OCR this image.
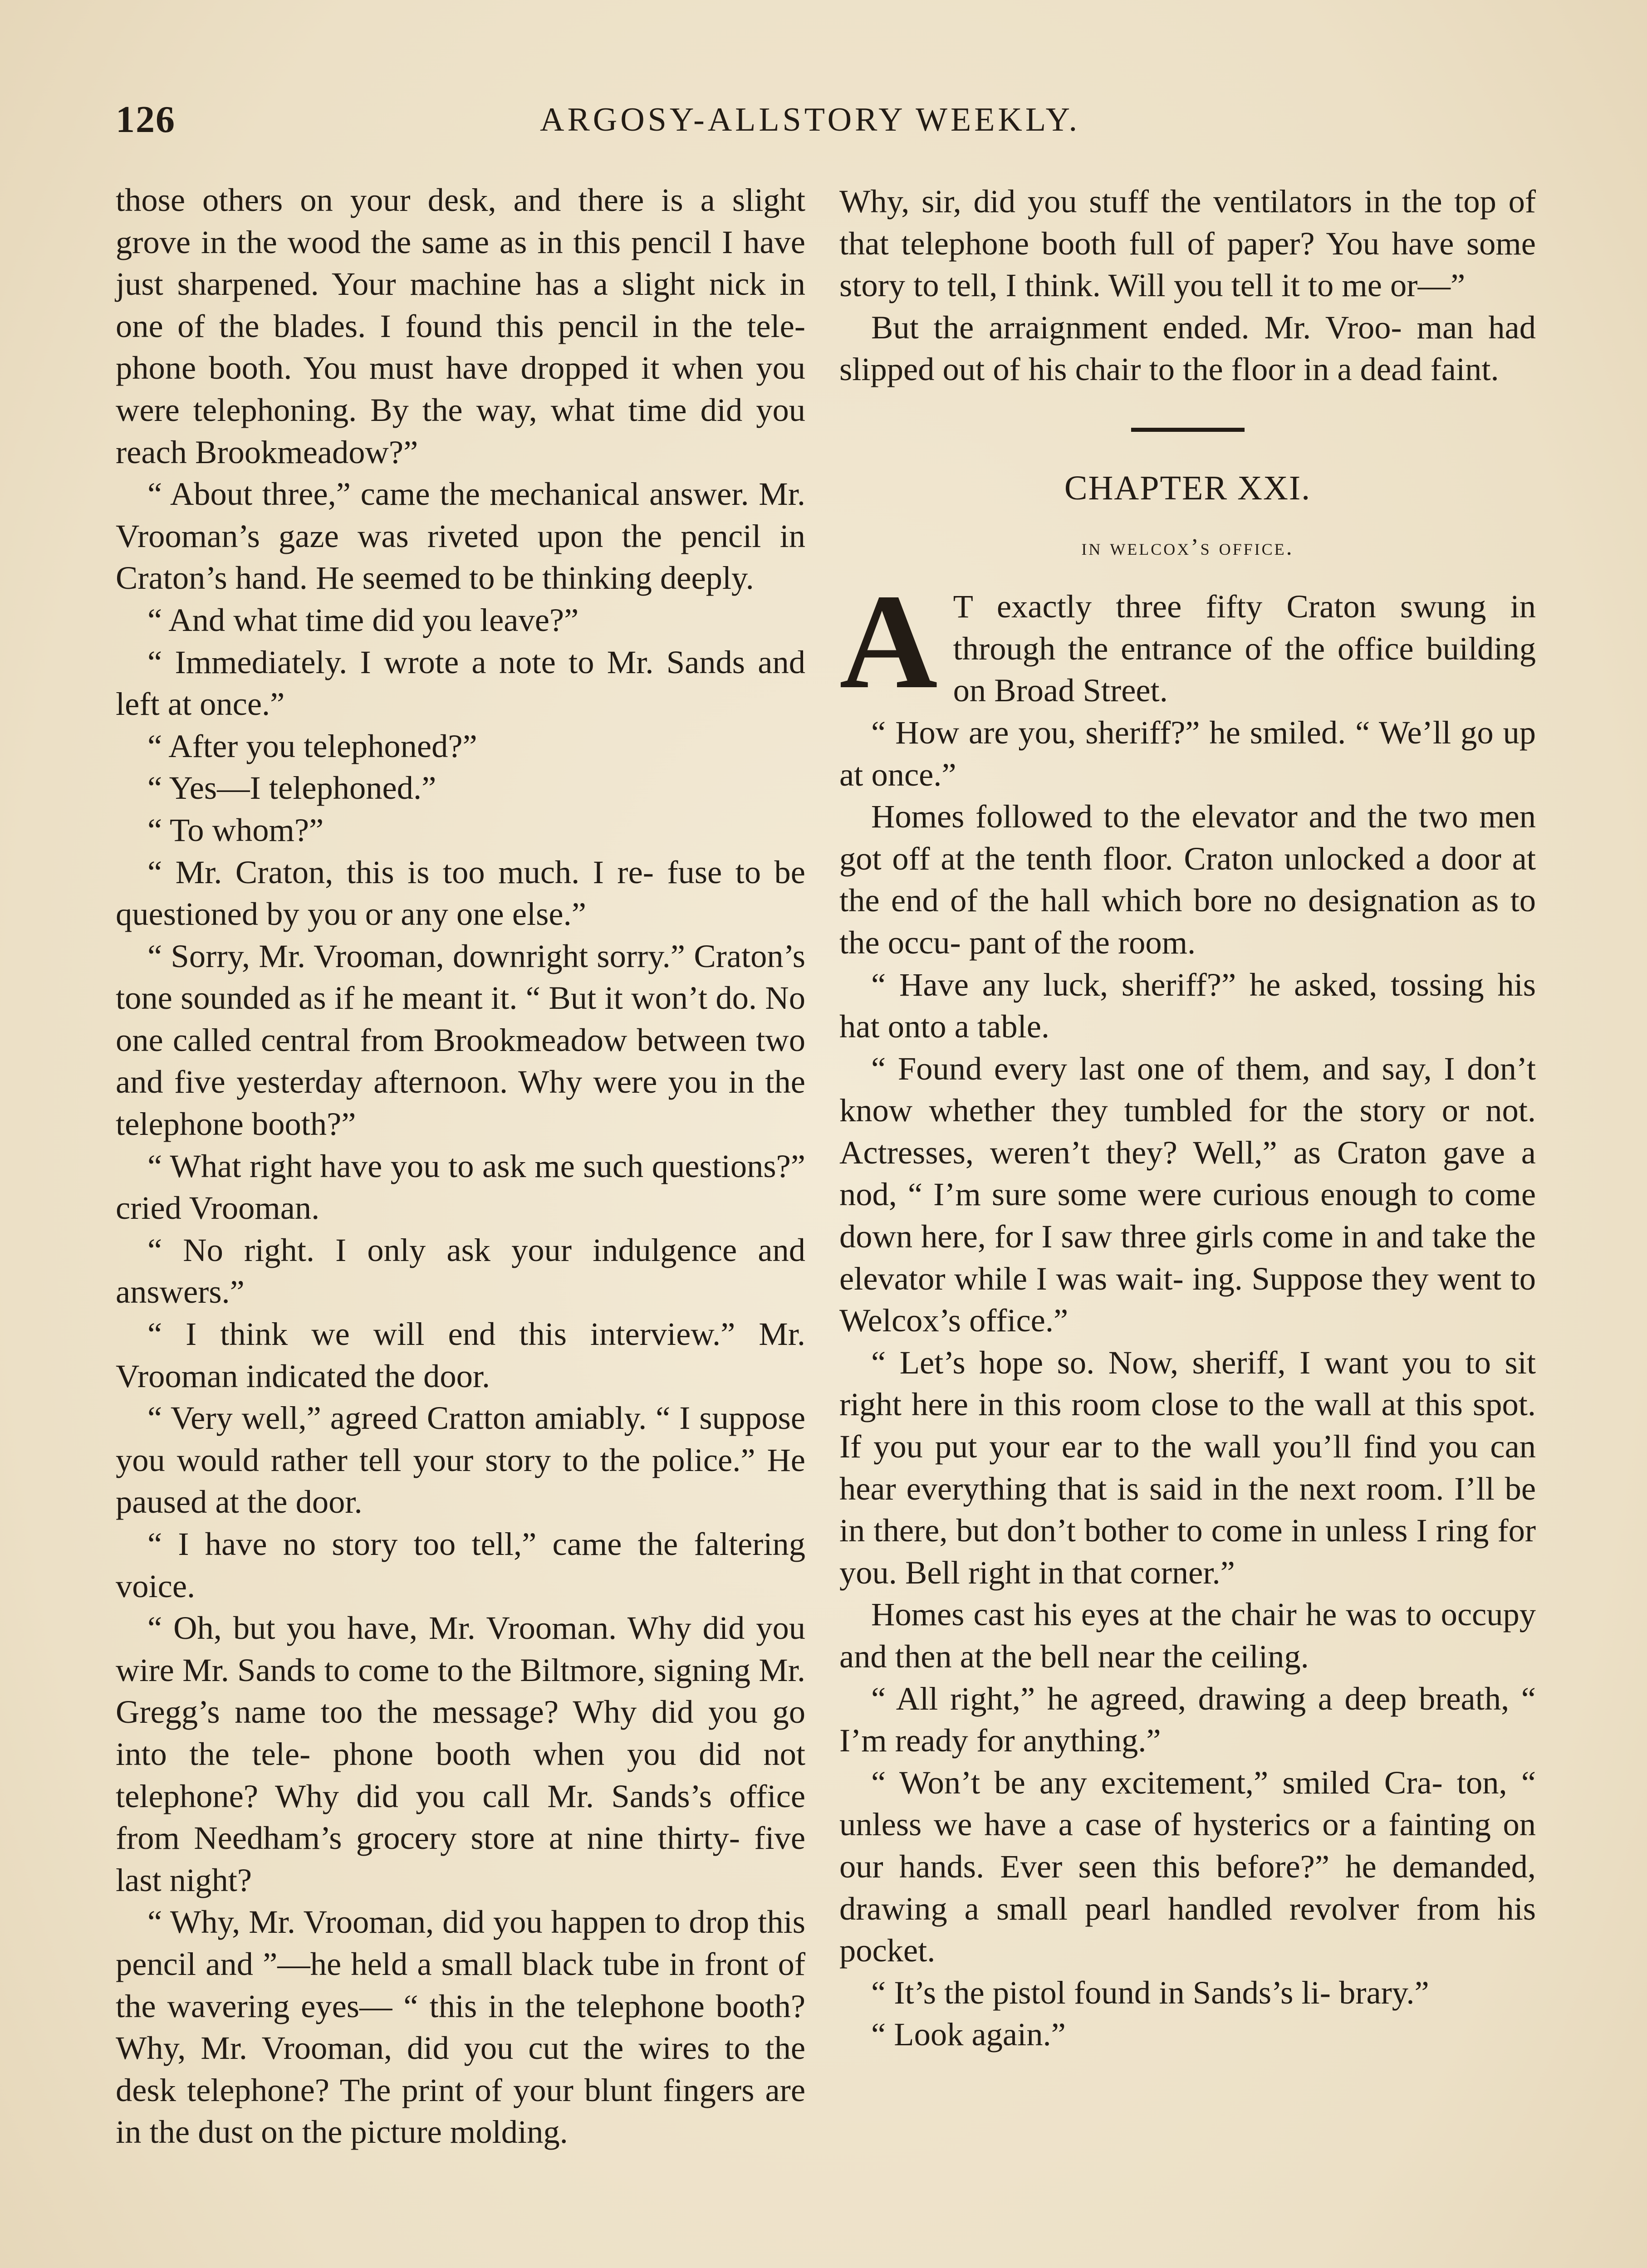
126	ARGOSY-ALLSTORY WEEKLY.

those others on your desk, and there is a slight grove in the wood the same as in this pencil I have just sharpened. Your machine has a slight nick in one of the blades. I found this pencil in the tele- phone booth. You must have dropped it when you were telephoning. By the way, what time did you reach Brookmeadow?”

“ About three,” came the mechanical answer. Mr. Vrooman’s gaze was riveted upon the pencil in Craton’s hand. He seemed to be thinking deeply.

“ And what time did you leave?”

“ Immediately. I wrote a note to Mr. Sands and left at once.”

“ After you telephoned?”

“ Yes—I telephoned.”

“ To whom?”

“ Mr. Craton, this is too much. I re- fuse to be questioned by you or any one else.”

“ Sorry, Mr. Vrooman, downright sorry.” Craton’s tone sounded as if he meant it. “ But it won’t do. No one called central from Brookmeadow between two and five yesterday afternoon. Why were you in the telephone booth?”

“ What right have you to ask me such questions?” cried Vrooman.

“ No right. I only ask your indulgence and answers.”

“ I think we will end this interview.” Mr. Vrooman indicated the door.

“ Very well,” agreed Cratton amiably. “ I suppose you would rather tell your story to the police.” He paused at the door.

“ I have no story too tell,” came the faltering voice.

“ Oh, but you have, Mr. Vrooman. Why did you wire Mr. Sands to come to the Biltmore, signing Mr. Gregg’s name too the message? Why did you go into the tele- phone booth when you did not telephone? Why did you call Mr. Sands’s office from Needham’s grocery store at nine thirty- five last night?

“ Why, Mr. Vrooman, did you happen to drop this pencil and ”—he held a small black tube in front of the wavering eyes— “ this in the telephone booth? Why, Mr. Vrooman, did you cut the wires to the desk telephone? The print of your blunt fingers are in the dust on the picture molding.

Why, sir, did you stuff the ventilators in the top of that telephone booth full of paper? You have some story to tell, I think. Will you tell it to me or—”

But the arraignment ended. Mr. Vroo- man had slipped out of his chair to the floor in a dead faint.

CHAPTER XXI.
in welcox’s office.

A T exactly three fifty Craton swung in through the entrance of the office building on Broad Street.

“ How are you, sheriff?” he smiled. “ We’ll go up at once.”

Homes followed to the elevator and the two men got off at the tenth floor. Craton unlocked a door at the end of the hall which bore no designation as to the occu- pant of the room.

“ Have any luck, sheriff?” he asked, tossing his hat onto a table.

“ Found every last one of them, and say, I don’t know whether they tumbled for the story or not. Actresses, weren’t they? Well,” as Craton gave a nod, “ I’m sure some were curious enough to come down here, for I saw three girls come in and take the elevator while I was wait- ing. Suppose they went to Welcox’s office.”

“ Let’s hope so. Now, sheriff, I want you to sit right here in this room close to the wall at this spot. If you put your ear to the wall you’ll find you can hear everything that is said in the next room. I’ll be in there, but don’t bother to come in unless I ring for you. Bell right in that corner.”

Homes cast his eyes at the chair he was to occupy and then at the bell near the ceiling.

“ All right,” he agreed, drawing a deep breath, “ I’m ready for anything.”

“ Won’t be any excitement,” smiled Cra- ton, “ unless we have a case of hysterics or a fainting on our hands. Ever seen this before?” he demanded, drawing a small pearl handled revolver from his pocket.

“ It’s the pistol found in Sands’s li- brary.”

“ Look again.”
